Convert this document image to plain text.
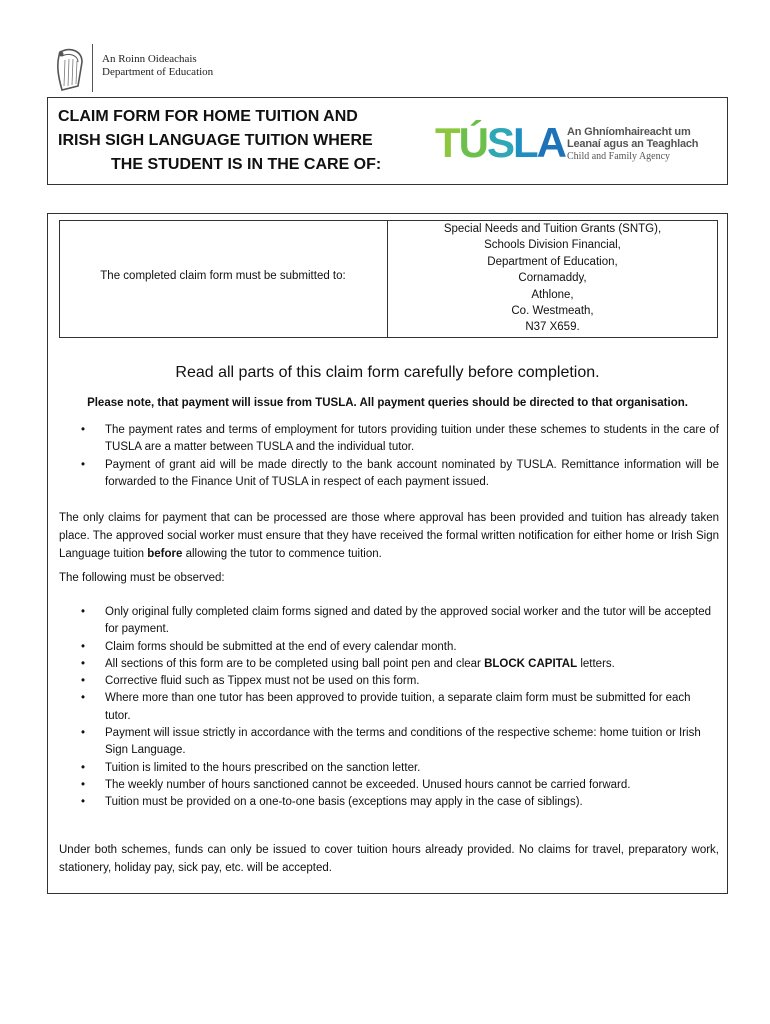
An Roinn Oideachais
Department of Education
CLAIM FORM FOR HOME TUITION AND
IRISH SIGH LANGUAGE TUITION WHERE
THE STUDENT IS IN THE CARE OF: TÚSLA An Ghníomhaireacht um
Leanaí agus an Teaghlach
Child and Family Agency
The completed claim form must be submitted to:
Special Needs and Tuition Grants (SNTG),
Schools Division Financial,
Department of Education,
Cornamaddy,
Athlone,
Co. Westmeath,
N37 X659.
Read all parts of this claim form carefully before completion.
Please note, that payment will issue from TUSLA. All payment queries should be directed to that organisation.
• The payment rates and terms of employment for tutors providing tuition under these schemes to students in the care of TUSLA are a matter between TUSLA and the individual tutor.
• Payment of grant aid will be made directly to the bank account nominated by TUSLA. Remittance information will be forwarded to the Finance Unit of TUSLA in respect of each payment issued.
The only claims for payment that can be processed are those where approval has been provided and tuition has already taken place. The approved social worker must ensure that they have received the formal written notification for either home or Irish Sign Language tuition before allowing the tutor to commence tuition.
The following must be observed:
• Only original fully completed claim forms signed and dated by the approved social worker and the tutor will be accepted for payment.
• Claim forms should be submitted at the end of every calendar month.
• All sections of this form are to be completed using ball point pen and clear BLOCK CAPITAL letters.
• Corrective fluid such as Tippex must not be used on this form.
• Where more than one tutor has been approved to provide tuition, a separate claim form must be submitted for each tutor.
• Payment will issue strictly in accordance with the terms and conditions of the respective scheme: home tuition or Irish Sign Language.
• Tuition is limited to the hours prescribed on the sanction letter.
• The weekly number of hours sanctioned cannot be exceeded. Unused hours cannot be carried forward.
• Tuition must be provided on a one-to-one basis (exceptions may apply in the case of siblings).
Under both schemes, funds can only be issued to cover tuition hours already provided. No claims for travel, preparatory work, stationery, holiday pay, sick pay, etc. will be accepted.
